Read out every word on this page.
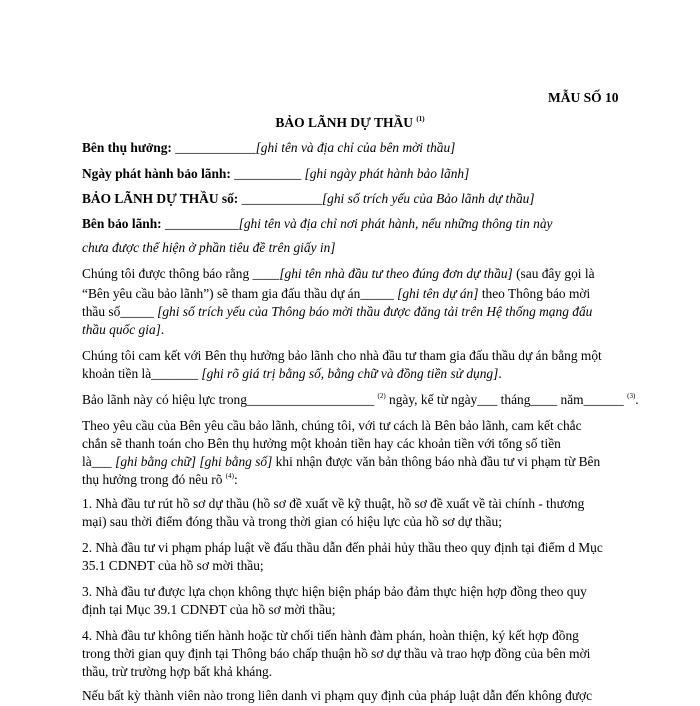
MẪU SỐ 10
BẢO LÃNH DỰ THẦU $^{(1)}$
Bên thụ hưởng: ____________[ghi tên và địa chỉ của bên mời thầu]
Ngày phát hành bảo lãnh: __________ [ghi ngày phát hành bảo lãnh]
BẢO LÃNH DỰ THẦU số: ____________[ghi số trích yếu của Bảo lãnh dự thầu]
Bên bảo lãnh: ___________[ghi tên và địa chỉ nơi phát hành, nếu những thông tin này
chưa được thể hiện ở phần tiêu đề trên giấy in]
Chúng tôi được thông báo rằng ____[ghi tên nhà đầu tư theo đúng đơn dự thầu] (sau đây gọi là
“Bên yêu cầu bảo lãnh”) sẽ tham gia đấu thầu dự án_____ [ghi tên dự án] theo Thông báo mời
thầu số_____ [ghi số trích yếu của Thông báo mời thầu được đăng tải trên Hệ thống mạng đấu
thầu quốc gia].
Chúng tôi cam kết với Bên thụ hưởng bảo lãnh cho nhà đầu tư tham gia đấu thầu dự án bằng một
khoản tiền là_______ [ghi rõ giá trị bằng số, bằng chữ và đồng tiền sử dụng].
Bảo lãnh này có hiệu lực trong___________________ $^{(2)}$ ngày, kể từ ngày___ tháng____ năm______ $^{(3)}$.
Theo yêu cầu của Bên yêu cầu bảo lãnh, chúng tôi, với tư cách là Bên bảo lãnh, cam kết chắc
chắn sẽ thanh toán cho Bên thụ hưởng một khoản tiền hay các khoản tiền với tổng số tiền
là___ [ghi bằng chữ] [ghi bằng số] khi nhận được văn bản thông báo nhà đầu tư vi phạm từ Bên
thụ hưởng trong đó nêu rõ $^{(4)}$:
1. Nhà đầu tư rút hồ sơ dự thầu (hồ sơ đề xuất về kỹ thuật, hồ sơ đề xuất về tài chính - thương
mại) sau thời điểm đóng thầu và trong thời gian có hiệu lực của hồ sơ dự thầu;
2. Nhà đầu tư vi phạm pháp luật về đấu thầu dẫn đến phải hủy thầu theo quy định tại điểm d Mục
35.1 CDNĐT của hồ sơ mời thầu;
3. Nhà đầu tư được lựa chọn không thực hiện biện pháp bảo đảm thực hiện hợp đồng theo quy
định tại Mục 39.1 CDNĐT của hồ sơ mời thầu;
4. Nhà đầu tư không tiến hành hoặc từ chối tiến hành đàm phán, hoàn thiện, ký kết hợp đồng
trong thời gian quy định tại Thông báo chấp thuận hồ sơ dự thầu và trao hợp đồng của bên mời
thầu, trừ trường hợp bất khả kháng.
Nếu bất kỳ thành viên nào trong liên danh vi phạm quy định của pháp luật dẫn đến không được
